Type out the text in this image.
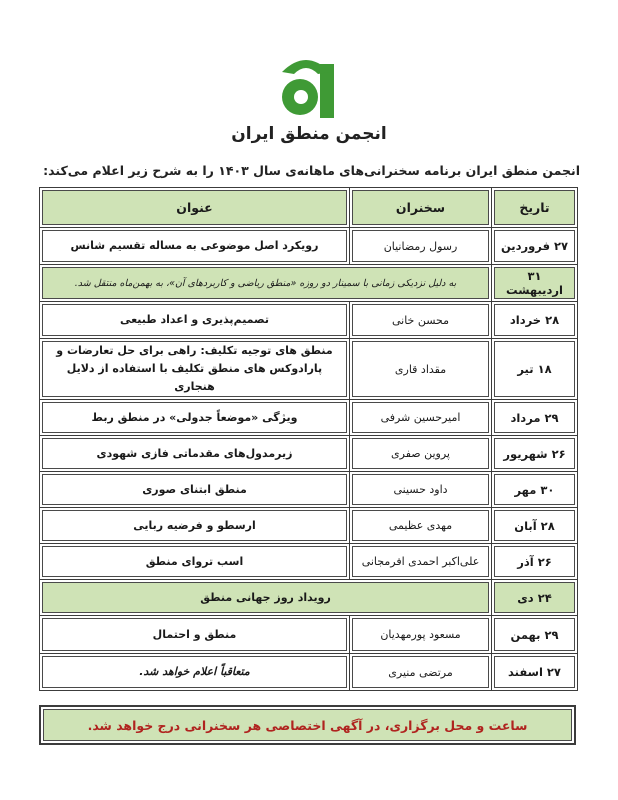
انجمن منطق ایران
انجمن منطق ایران برنامه سخنرانی‌های ماهانه‌ی سال ۱۴۰۳ را به شرح زیر اعلام می‌کند:
تاریخ	سخنران	عنوان
۲۷ فروردین	رسول رمضانیان	رویکرد اصل موضوعی به مساله تقسیم شانس
۳۱ اردیبهشت	به دلیل نزدیکی زمانی با سمینار دو روزه «منطق ریاضی و کاربردهای آن»، به بهمن‌ماه منتقل شد.	
۲۸ خرداد	محسن خانی	تصمیم‌پذیری و اعداد طبیعی
۱۸ تیر	مقداد قاری	منطق های توجیه تکلیف: راهی برای حل تعارضات و پارادوکس های منطق تکلیف با استفاده از دلایل هنجاری
۲۹ مرداد	امیرحسین شرفی	ویژگی «موضعاً جدولی» در منطق ربط
۲۶ شهریور	پروین صفری	زیرمدول‌های مقدماتی فازی شهودی
۳۰ مهر	داود حسینی	منطق ابتنای صوری
۲۸ آبان	مهدی عظیمی	ارسطو و فرضیه ربایی
۲۶ آذر	علی‌اکبر احمدی افرمجانی	اسب تروای منطق
۲۴ دی	رویداد روز جهانی منطق	
۲۹ بهمن	مسعود پورمهدیان	منطق و احتمال
۲۷ اسفند	مرتضی منیری	متعاقباً اعلام خواهد شد.
ساعت و محل برگزاری، در آگهی اختصاصی هر سخنرانی درج خواهد شد.
